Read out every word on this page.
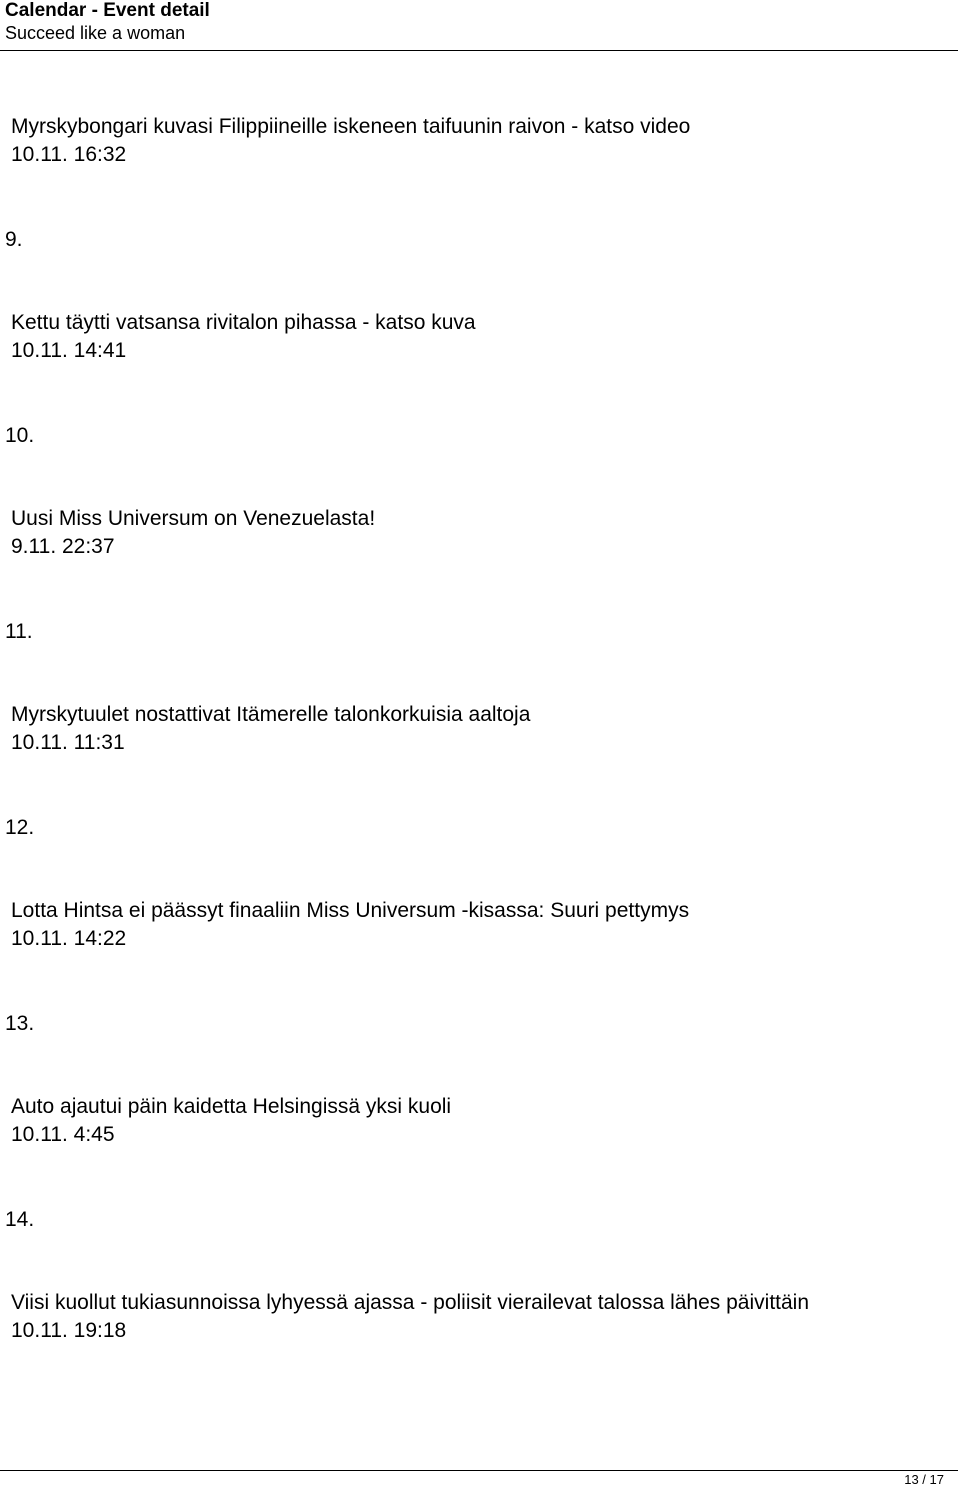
Calendar - Event detail
Succeed like a woman
Myrskybongari kuvasi Filippiineille iskeneen taifuunin raivon - katso video
10.11. 16:32
9.
Kettu täytti vatsansa rivitalon pihassa - katso kuva
10.11. 14:41
10.
Uusi Miss Universum on Venezuelasta!
9.11. 22:37
11.
Myrskytuulet nostattivat Itämerelle talonkorkuisia aaltoja
10.11. 11:31
12.
Lotta Hintsa ei päässyt finaaliin Miss Universum -kisassa: Suuri pettymys
10.11. 14:22
13.
Auto ajautui päin kaidetta Helsingissä yksi kuoli
10.11. 4:45
14.
Viisi kuollut tukiasunnoissa lyhyessä ajassa - poliisit vierailevat talossa lähes päivittäin
10.11. 19:18
13 / 17
